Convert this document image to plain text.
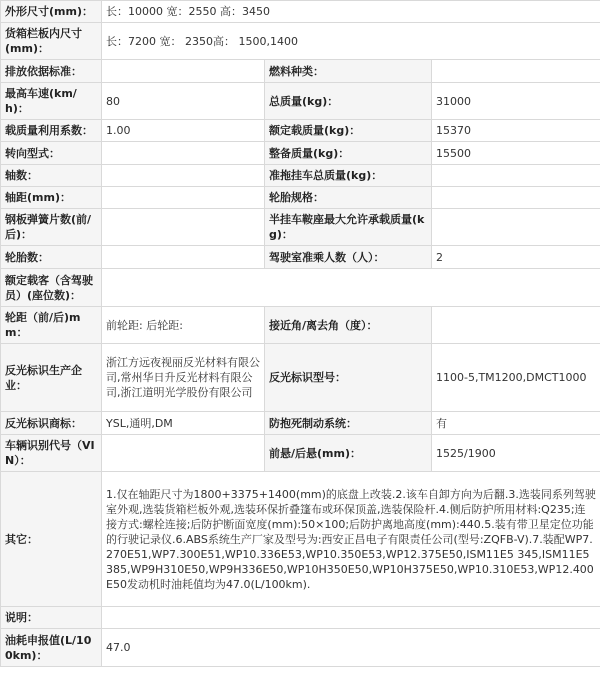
外形尺寸(mm)：	长：10000 宽：2550 高：3450		
货箱栏板内尺寸(mm)：	长：7200 宽： 2350高： 1500,1400		
排放依据标准：		燃料种类：	
最高车速(km/h)：	80	总质量(kg)：	31000
载质量利用系数：	1.00	额定载质量(kg)：	15370
转向型式：		整备质量(kg)：	15500
轴数：		准拖挂车总质量(kg)：	
轴距(mm)：		轮胎规格：	
钢板弹簧片数(前/后)：		半挂车鞍座最大允许承载质量(kg)：	
轮胎数：		驾驶室准乘人数（人）：	2
额定载客（含驾驶员）(座位数)：			
轮距（前/后)mm：	前轮距: 后轮距:	接近角/离去角（度）：	
反光标识生产企业：	浙江方远夜视丽反光材料有限公司,常州华日升反光材料有限公司,浙江道明光学股份有限公司	反光标识型号：	1100-5,TM1200,DMCT1000
反光标识商标：	YSL,通明,DM	防抱死制动系统：	有
车辆识别代号（VIN）：		前悬/后悬(mm)：	1525/1900
其它：	1.仅在轴距尺寸为1800+3375+1400(mm)的底盘上改装.2.该车自卸方向为后翻.3.选装同系列驾驶室外观,选装货箱栏板外观,选装环保折叠篷布或环保顶盖,选装保险杆.4.侧后防护所用材料:Q235;连接方式:螺栓连接;后防护断面宽度(mm):50×100;后防护离地高度(mm):440.5.装有带卫星定位功能的行驶记录仪.6.ABS系统生产厂家及型号为:西安正昌电子有限责任公司(型号:ZQFB-V).7.装配WP7.270E51,WP7.300E51,WP10.336E53,WP10.350E53,WP12.375E50,ISM11E5 345,ISM11E5 385,WP9H310E50,WP9H336E50,WP10H350E50,WP10H375E50,WP10.310E53,WP12.400E50发动机时油耗值均为47.0(L/100km).		
说明：			
油耗申报值(L/100km)：	47.0		
